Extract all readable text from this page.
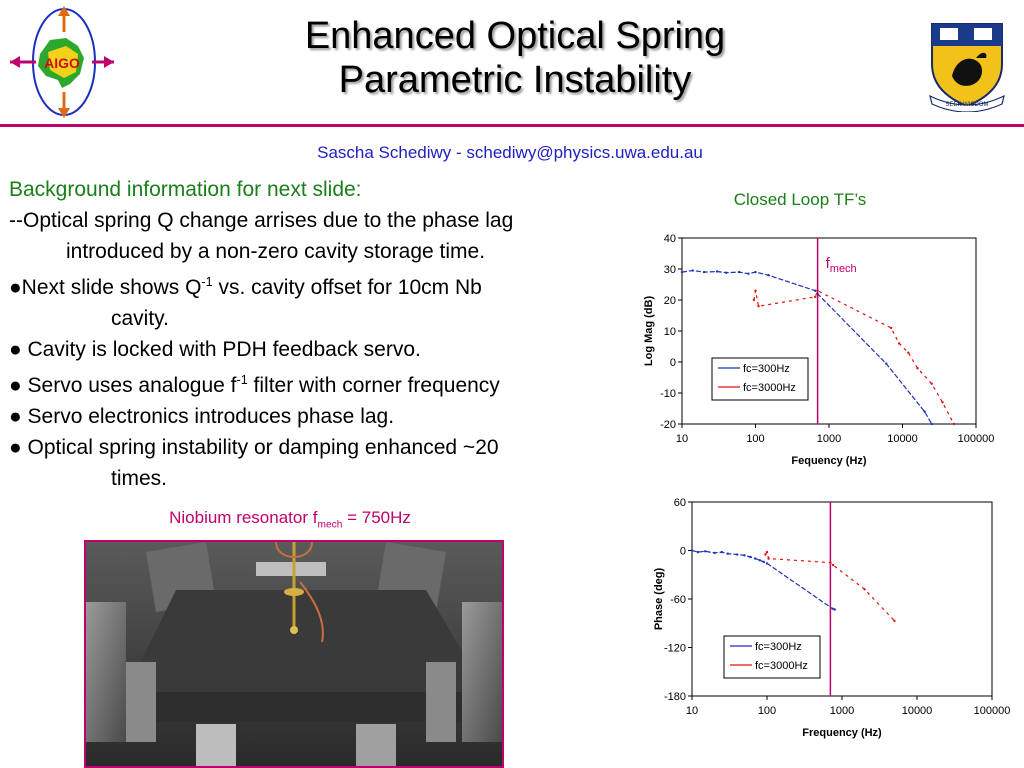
AIGO
Enhanced Optical Spring
Parametric Instability
SEEK WISDOM
Sascha Schediwy - schediwy@physics.uwa.edu.au
Background information for next slide:
--Optical spring Q change arrises due to the phase lag
introduced by a non-zero cavity storage time.
●Next slide shows $Q^{-1}$ vs. cavity offset for 10cm Nb
cavity.
● Cavity is locked with PDH feedback servo.
● Servo uses analogue $f^{-1}$ filter with corner frequency
● Servo electronics introduces phase lag.
● Optical spring instability or damping enhanced ~20
times.
Niobium resonator $f_{mech} = 750Hz$
Closed Loop TF’s
-20
-10
0
10
20
30
40
10	100	1000	10000	100000
Fequency (Hz)
Log Mag (dB)
$f_{mech}$
fc=300Hz
fc=3000Hz
-180
-120
-60
0
60
10	100	1000	10000	100000
Frequency (Hz)
Phase (deg)
fc=300Hz
fc=3000Hz
